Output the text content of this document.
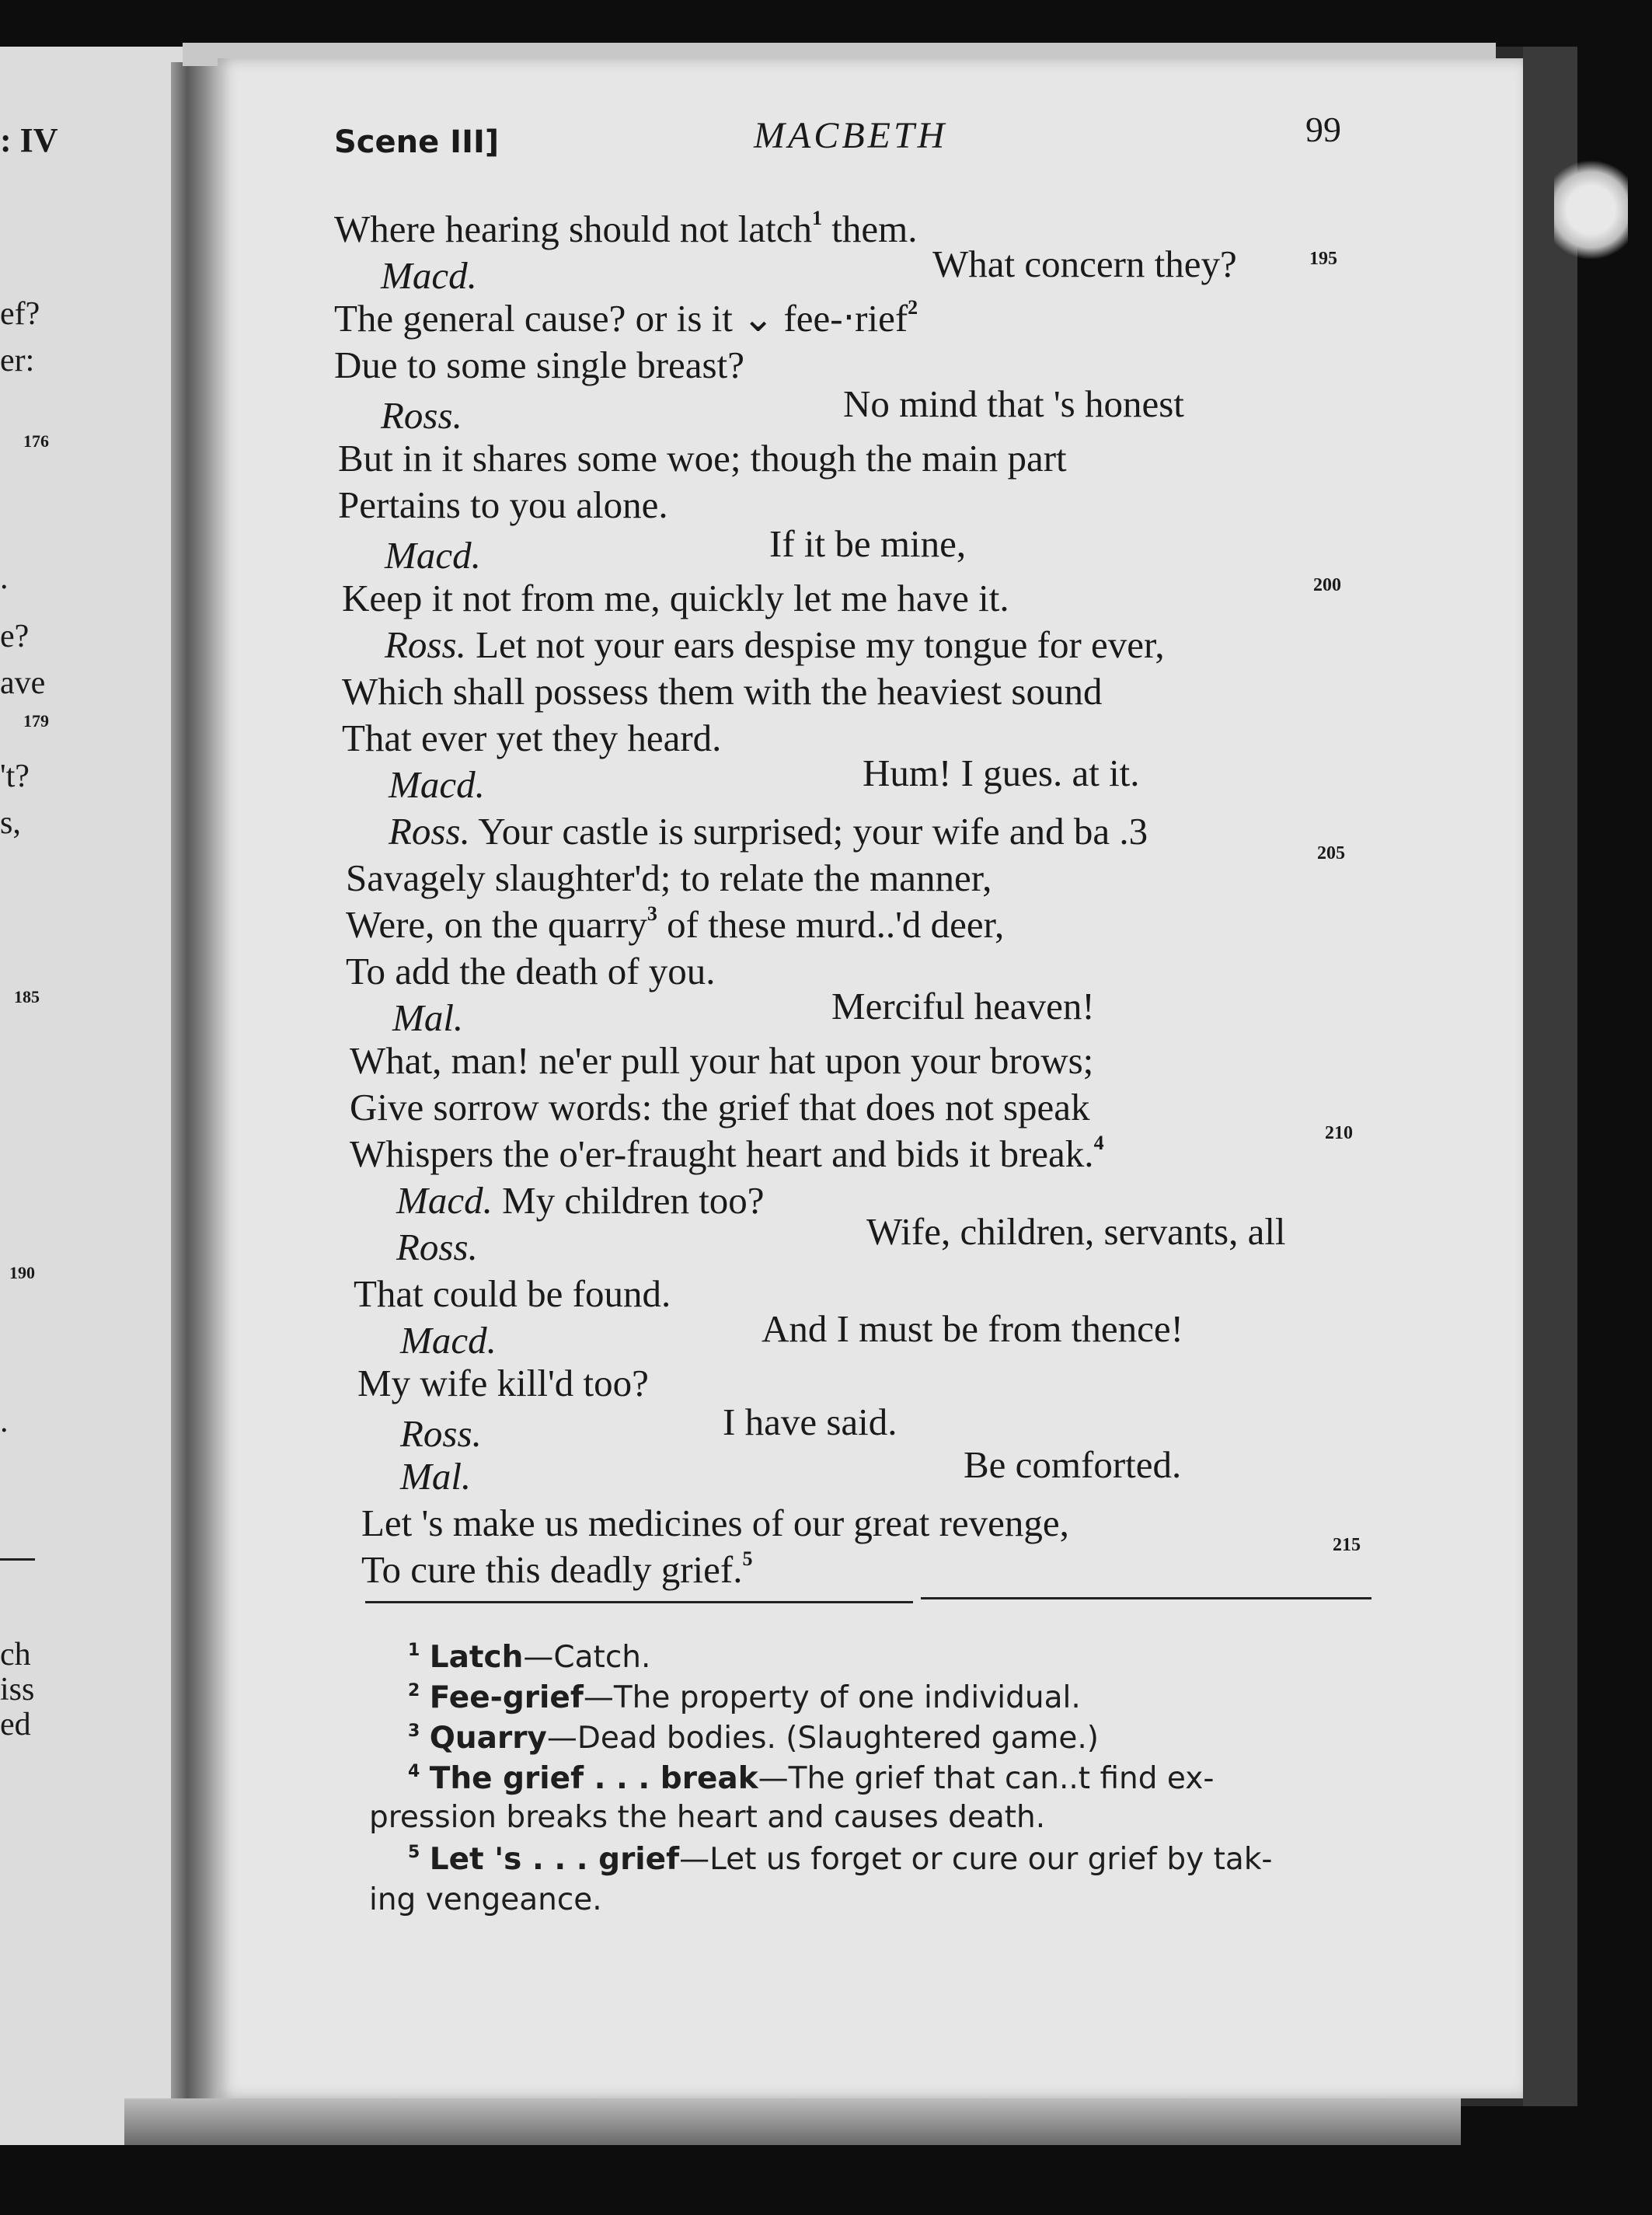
: IV
ef?
er:
176
.
e?
ave
179
't?
s,
185
190
.
ch
iss
ed
Scene III]	MACBETH	99
Where hearing should not latch$^1$ them.
Macd.	What concern they?	195
The general cause? or is it ⌄ fee-‧rief$^2$
Due to some single breast?
Ross.	No mind that 's honest
But in it shares some woe; though the main part
Pertains to you alone.
Macd.	If it be mine,
Keep it not from me, quickly let me have it.	200
Ross. Let not your ears despise my tongue for ever,
Which shall possess them with the heaviest sound
That ever yet they heard.
Macd.	Hum! I gues. at it.
Ross. Your castle is surprised; your wife and ba .3
Savagely slaughter'd; to relate the manner,
205
Were, on the quarry$^3$ of these murd..'d deer,
To add the death of you.
Mal.	Merciful heaven!
What, man! ne'er pull your hat upon your brows;
Give sorrow words: the grief that does not speak
Whispers the o'er-fraught heart and bids it break.$^4$	210
Macd. My children too?
Ross.	Wife, children, servants, all
That could be found.
Macd.	And I must be from thence!
My wife kill'd too?
Ross.	I have said.
Mal.	Be comforted.
Let 's make us medicines of our great revenge,
To cure this deadly grief.$^5$
215
$^1$ Latch—Catch.
$^2$ Fee-grief—The property of one individual.
$^3$ Quarry—Dead bodies. (Slaughtered game.)
$^4$ The grief . . . break—The grief that can..t find ex-
pression breaks the heart and causes death.
$^5$ Let 's . . . grief—Let us forget or cure our grief by tak-
ing vengeance.
